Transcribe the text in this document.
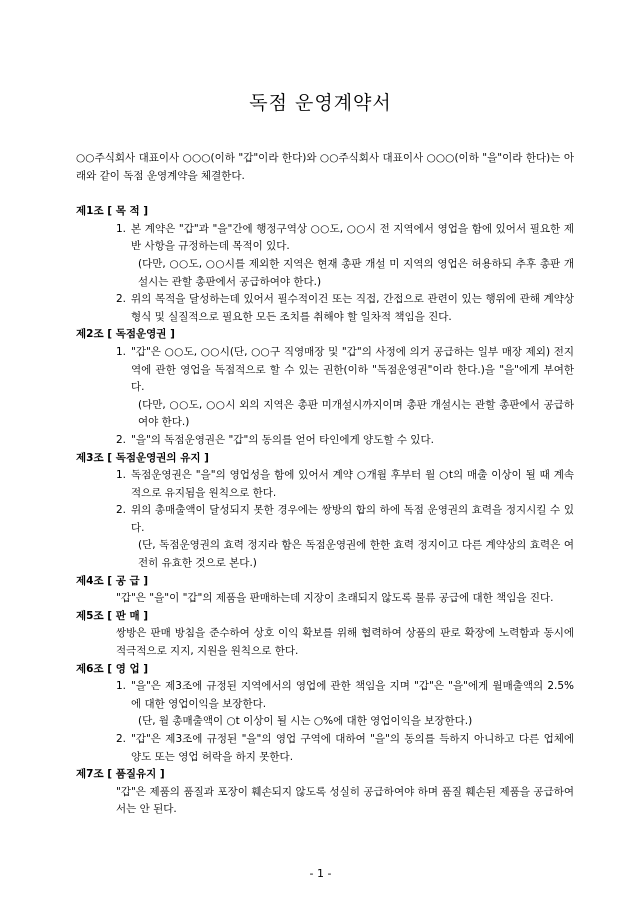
독점 운영계약서

○○주식회사 대표이사 ○○○(이하 "갑"이라 한다)와 ○○주식회사 대표이사 ○○○(이하 "을"이라 한다)는 아래와 같이 독점 운영계약을 체결한다.

제1조 [ 목 적 ]

1. 본 계약은 "갑"과 "을"간에 행정구역상 ○○도, ○○시 전 지역에서 영업을 함에 있어서 필요한 제반 사항을 규정하는데 목적이 있다.

(다만, ○○도, ○○시를 제외한 지역은 현재 총판 개설 미 지역의 영업은 허용하되 추후 총판 개설시는 관할 총판에서 공급하여야 한다.)

2. 위의 목적을 달성하는데 있어서 필수적이건 또는 직접, 간접으로 관련이 있는 행위에 관해 계약상 형식 및 실질적으로 필요한 모든 조치를 취해야 할 일차적 책임을 진다.

제2조 [ 독점운영권 ]

1. "갑"은 ○○도, ○○시(단, ○○구 직영매장 및 "갑"의 사정에 의거 공급하는 일부 매장 제외) 전지역에 관한 영업을 독점적으로 할 수 있는 권한(이하 "독점운영권"이라 한다.)을 "을"에게 부여한다.

(다만, ○○도, ○○시 외의 지역은 총판 미개설시까지이며 총판 개설시는 관할 총판에서 공급하여야 한다.)

2. "을"의 독점운영권은 "갑"의 동의를 얻어 타인에게 양도할 수 있다.

제3조 [ 독점운영권의 유지 ]

1. 독점운영권은 "을"의 영업성을 함에 있어서 계약 ○개월 후부터 월 ○t의 매출 이상이 될 때 계속적으로 유지됨을 원칙으로 한다.

2. 위의 총매출액이 달성되지 못한 경우에는 쌍방의 합의 하에 독점 운영권의 효력을 정지시킬 수 있다.

(단, 독점운영권의 효력 정지라 함은 독점운영권에 한한 효력 정지이고 다른 계약상의 효력은 여전히 유효한 것으로 본다.)

제4조 [ 공 급 ]

"갑"은 "을"이 "갑"의 제품을 판매하는데 지장이 초래되지 않도록 물류 공급에 대한 책임을 진다.

제5조 [ 판 매 ]

쌍방은 판매 방침을 준수하여 상호 이익 확보를 위해 협력하여 상품의 판로 확장에 노력함과 동시에 적극적으로 지지, 지원을 원칙으로 한다.

제6조 [ 영 업 ]

1. "을"은 제3조에 규정된 지역에서의 영업에 관한 책임을 지며 "갑"은 "을"에게 월매출액의 2.5%에 대한 영업이익을 보장한다.

(단, 월 총매출액이 ○t 이상이 될 시는 ○%에 대한 영업이익을 보장한다.)

2. "갑"은 제3조에 규정된 "을"의 영업 구역에 대하여 "을"의 동의를 득하지 아니하고 다른 업체에 양도 또는 영업 허락을 하지 못한다.

제7조 [ 품질유지 ]

"갑"은 제품의 품질과 포장이 훼손되지 않도록 성실히 공급하여야 하며 품질 훼손된 제품을 공급하여서는 안 된다.

- 1 -
